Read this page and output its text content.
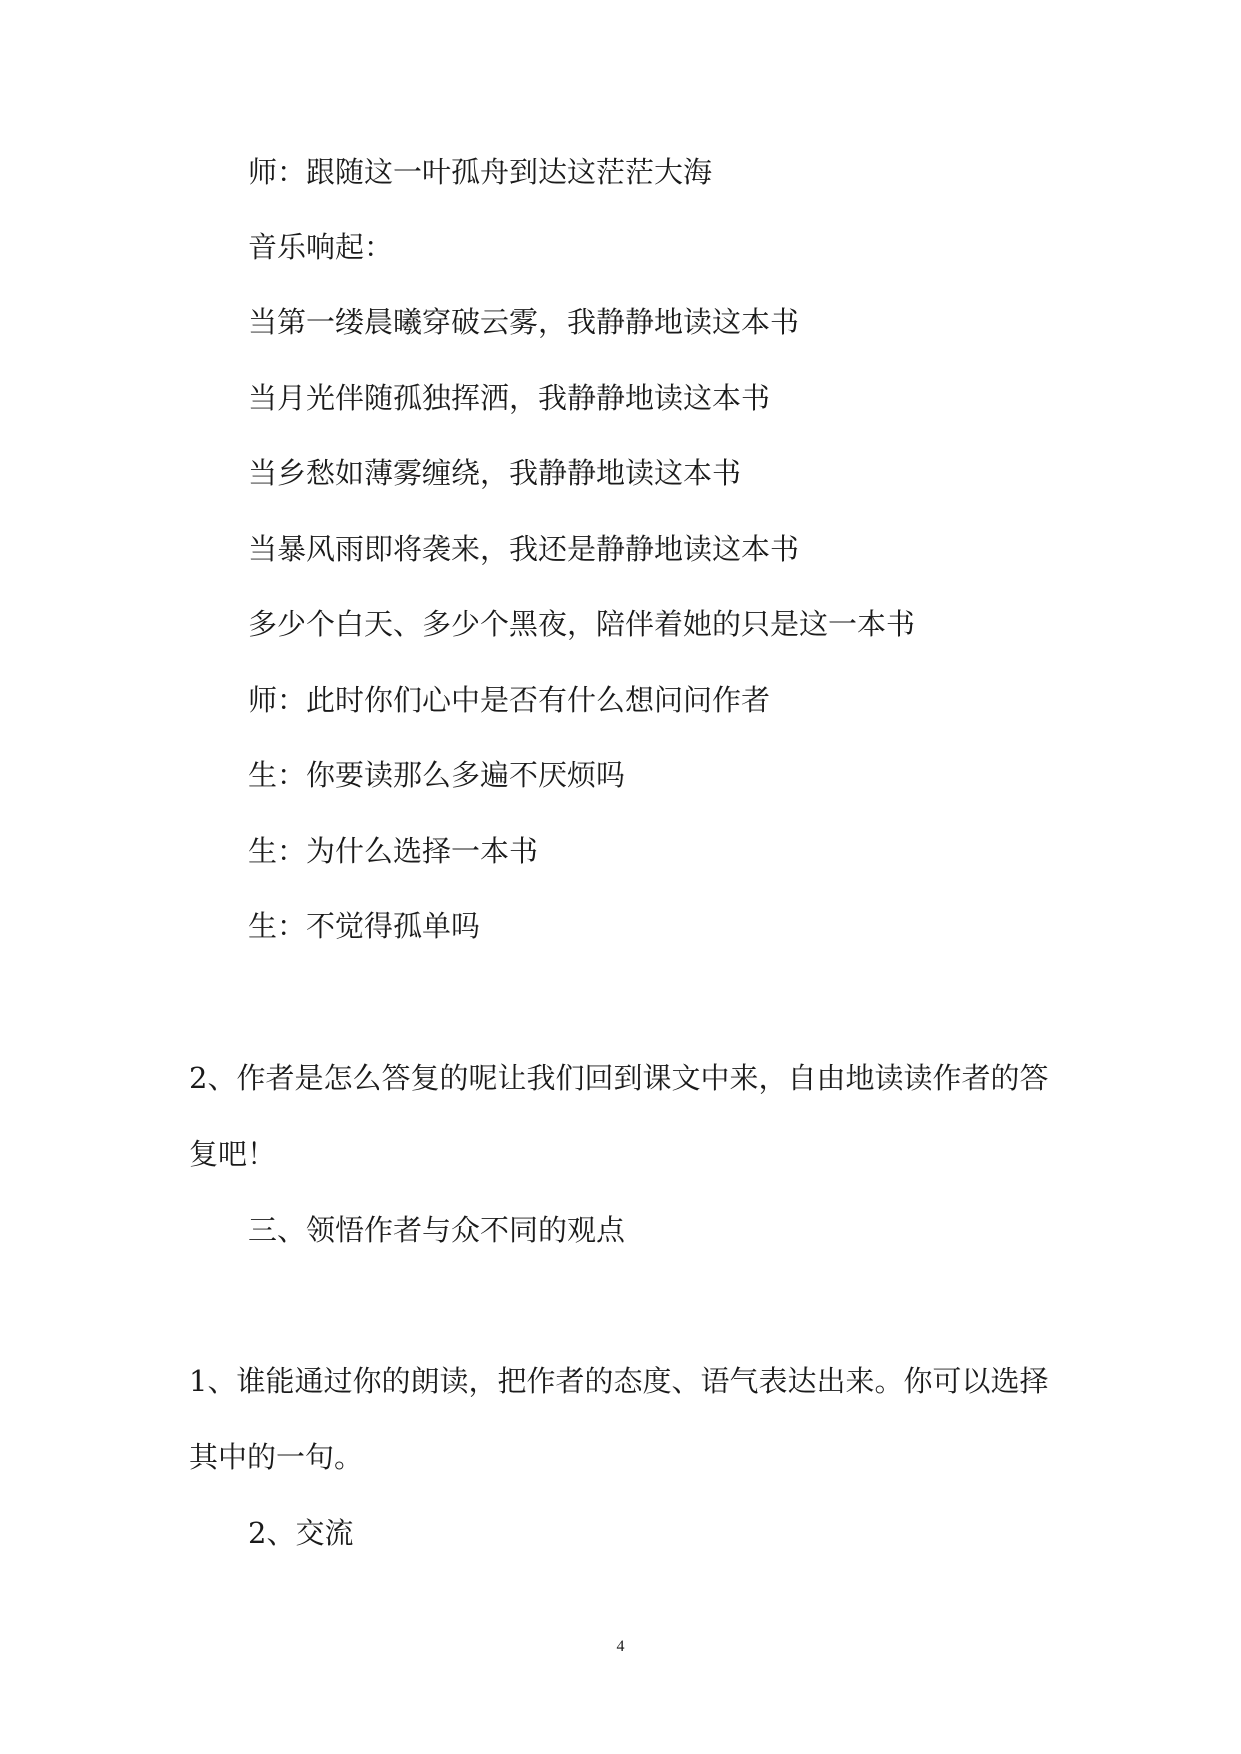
师：跟随这一叶孤舟到达这茫茫大海
音乐响起：
当第一缕晨曦穿破云雾，我静静地读这本书
当月光伴随孤独挥洒，我静静地读这本书
当乡愁如薄雾缠绕，我静静地读这本书
当暴风雨即将袭来，我还是静静地读这本书
多少个白天、多少个黑夜，陪伴着她的只是这一本书
师：此时你们心中是否有什么想问问作者
生：你要读那么多遍不厌烦吗
生：为什么选择一本书
生：不觉得孤单吗
2、作者是怎么答复的呢让我们回到课文中来，自由地读读作者的答
复吧！
三、领悟作者与众不同的观点
1、谁能通过你的朗读，把作者的态度、语气表达出来。你可以选择
其中的一句。
2、交流
4
